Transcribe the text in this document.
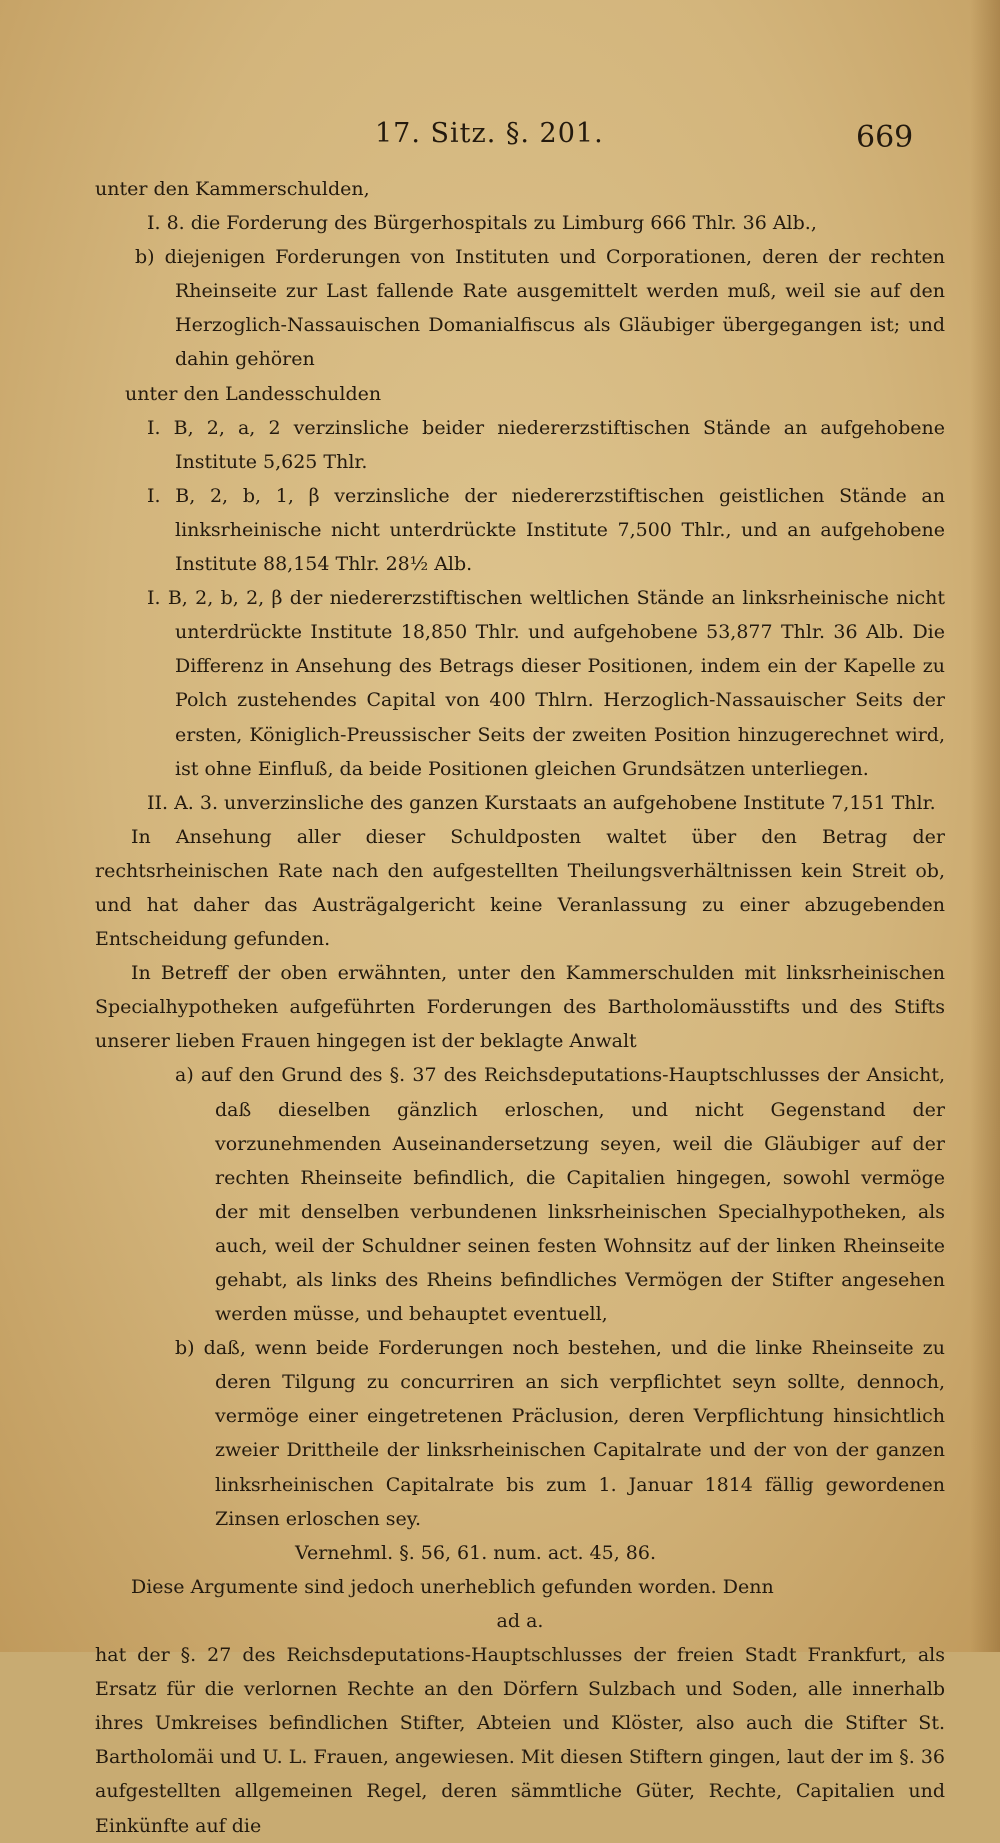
17. Sitz. §. 201.	669

unter den Kammerschulden,

I. 8. die Forderung des Bürgerhospitals zu Limburg 666 Thlr. 36 Alb.,

b) diejenigen Forderungen von Instituten und Corporationen, deren der rechten Rheinseite zur Last fallende Rate ausgemittelt werden muß, weil sie auf den Herzoglich-Nassauischen Domanialfiscus als Gläubiger übergegangen ist; und dahin gehören

unter den Landesschulden

I. B, 2, a, 2 verzinsliche beider niedererzstiftischen Stände an aufgehobene Institute 5,625 Thlr.

I. B, 2, b, 1, β verzinsliche der niedererzstiftischen geistlichen Stände an linksrheinische nicht unterdrückte Institute 7,500 Thlr., und an aufgehobene Institute 88,154 Thlr. 28½ Alb.

I. B, 2, b, 2, β der niedererzstiftischen weltlichen Stände an linksrheinische nicht unterdrückte Institute 18,850 Thlr. und aufgehobene 53,877 Thlr. 36 Alb. Die Differenz in Ansehung des Betrags dieser Positionen, indem ein der Kapelle zu Polch zustehendes Capital von 400 Thlrn. Herzoglich-Nassauischer Seits der ersten, Königlich-Preussischer Seits der zweiten Position hinzugerechnet wird, ist ohne Einfluß, da beide Positionen gleichen Grundsätzen unterliegen.

II. A. 3. unverzinsliche des ganzen Kurstaats an aufgehobene Institute 7,151 Thlr.

In Ansehung aller dieser Schuldposten waltet über den Betrag der rechtsrheinischen Rate nach den aufgestellten Theilungsverhältnissen kein Streit ob, und hat daher das Austrägalgericht keine Veranlassung zu einer abzugebenden Entscheidung gefunden.

In Betreff der oben erwähnten, unter den Kammerschulden mit linksrheinischen Specialhypotheken aufgeführten Forderungen des Bartholomäusstifts und des Stifts unserer lieben Frauen hingegen ist der beklagte Anwalt

a) auf den Grund des §. 37 des Reichsdeputations-Hauptschlusses der Ansicht, daß dieselben gänzlich erloschen, und nicht Gegenstand der vorzunehmenden Auseinandersetzung seyen, weil die Gläubiger auf der rechten Rheinseite befindlich, die Capitalien hingegen, sowohl vermöge der mit denselben verbundenen linksrheinischen Specialhypotheken, als auch, weil der Schuldner seinen festen Wohnsitz auf der linken Rheinseite gehabt, als links des Rheins befindliches Vermögen der Stifter angesehen werden müsse, und behauptet eventuell,

b) daß, wenn beide Forderungen noch bestehen, und die linke Rheinseite zu deren Tilgung zu concurriren an sich verpflichtet seyn sollte, dennoch, vermöge einer eingetretenen Präclusion, deren Verpflichtung hinsichtlich zweier Drittheile der linksrheinischen Capitalrate und der von der ganzen linksrheinischen Capitalrate bis zum 1. Januar 1814 fällig gewordenen Zinsen erloschen sey.

Vernehml. §. 56, 61. num. act. 45, 86.

Diese Argumente sind jedoch unerheblich gefunden worden. Denn

ad a.

hat der §. 27 des Reichsdeputations-Hauptschlusses der freien Stadt Frankfurt, als Ersatz für die verlornen Rechte an den Dörfern Sulzbach und Soden, alle innerhalb ihres Umkreises befindlichen Stifter, Abteien und Klöster, also auch die Stifter St. Bartholomäi und U. L. Frauen, angewiesen. Mit diesen Stiftern gingen, laut der im §. 36 aufgestellten allgemeinen Regel, deren sämmtliche Güter, Rechte, Capitalien und Einkünfte auf die
